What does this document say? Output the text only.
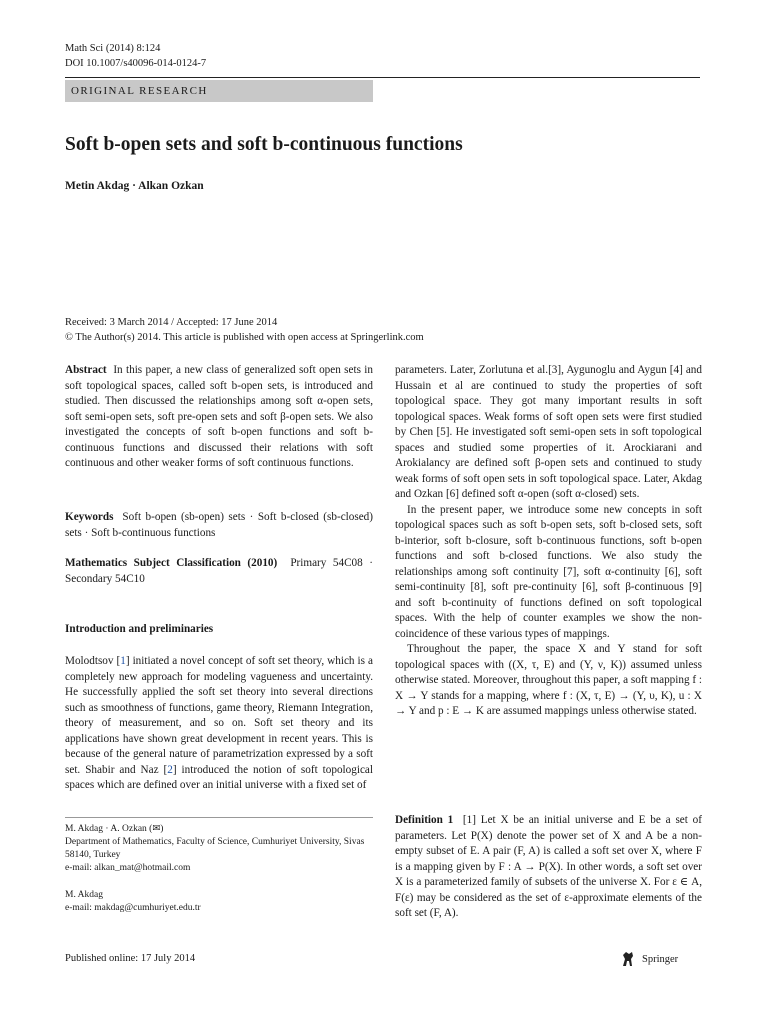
Math Sci (2014) 8:124
DOI 10.1007/s40096-014-0124-7
ORIGINAL RESEARCH
Soft b-open sets and soft b-continuous functions
Metin Akdag · Alkan Ozkan
Received: 3 March 2014 / Accepted: 17 June 2014
© The Author(s) 2014. This article is published with open access at Springerlink.com

Abstract In this paper, a new class of generalized soft open sets in soft topological spaces, called soft b-open sets, is introduced and studied. Then discussed the relationships among soft α-open sets, soft semi-open sets, soft pre-open sets and soft β-open sets. We also investigated the concepts of soft b-open functions and soft b-continuous functions and discussed their relations with soft continuous and other weaker forms of soft continuous functions.

Keywords Soft b-open (sb-open) sets · Soft b-closed (sb-closed) sets · Soft b-continuous functions

Mathematics Subject Classification (2010) Primary 54C08 · Secondary 54C10

Introduction and preliminaries

Molodtsov [1] initiated a novel concept of soft set theory, which is a completely new approach for modeling vagueness and uncertainty. He successfully applied the soft set theory into several directions such as smoothness of functions, game theory, Riemann Integration, theory of measurement, and so on. Soft set theory and its applications have shown great development in recent years. This is because of the general nature of parametrization expressed by a soft set. Shabir and Naz [2] introduced the notion of soft topological spaces which are defined over an initial universe with a fixed set of

M. Akdag · A. Ozkan (✉)
Department of Mathematics, Faculty of Science, Cumhuriyet University, Sivas 58140, Turkey
e-mail: alkan_mat@hotmail.com
M. Akdag
e-mail: makdag@cumhuriyet.edu.tr

parameters. Later, Zorlutuna et al.[3], Aygunoglu and Aygun [4] and Hussain et al are continued to study the properties of soft topological space. They got many important results in soft topological spaces. Weak forms of soft open sets were first studied by Chen [5]. He investigated soft semi-open sets in soft topological spaces and studied some properties of it. Arockiarani and Arokialancy are defined soft β-open sets and continued to study weak forms of soft open sets in soft topological space. Later, Akdag and Ozkan [6] defined soft α-open (soft α-closed) sets.

In the present paper, we introduce some new concepts in soft topological spaces such as soft b-open sets, soft b-closed sets, soft b-interior, soft b-closure, soft b-continuous functions, soft b-open functions and soft b-closed functions. We also study the relationships among soft continuity [7], soft α-continuity [6], soft semi-continuity [8], soft pre-continuity [6], soft β-continuous [9] and soft b-continuity of functions defined on soft topological spaces. With the help of counter examples we show the non-coincidence of these various types of mappings.

Throughout the paper, the space X and Y stand for soft topological spaces with ((X, τ, E) and (Y, ν, K)) assumed unless otherwise stated. Moreover, throughout this paper, a soft mapping f : X → Y stands for a mapping, where f : (X, τ, E) → (Y, υ, K), u : X → Y and p : E → K are assumed mappings unless otherwise stated.

Definition 1 [1] Let X be an initial universe and E be a set of parameters. Let P(X) denote the power set of X and A be a non-empty subset of E. A pair (F, A) is called a soft set over X, where F is a mapping given by F : A → P(X). In other words, a soft set over X is a parameterized family of subsets of the universe X. For ε ∈ A, F(ε) may be considered as the set of ε-approximate elements of the soft set (F, A).

Published online: 17 July 2014	Springer
